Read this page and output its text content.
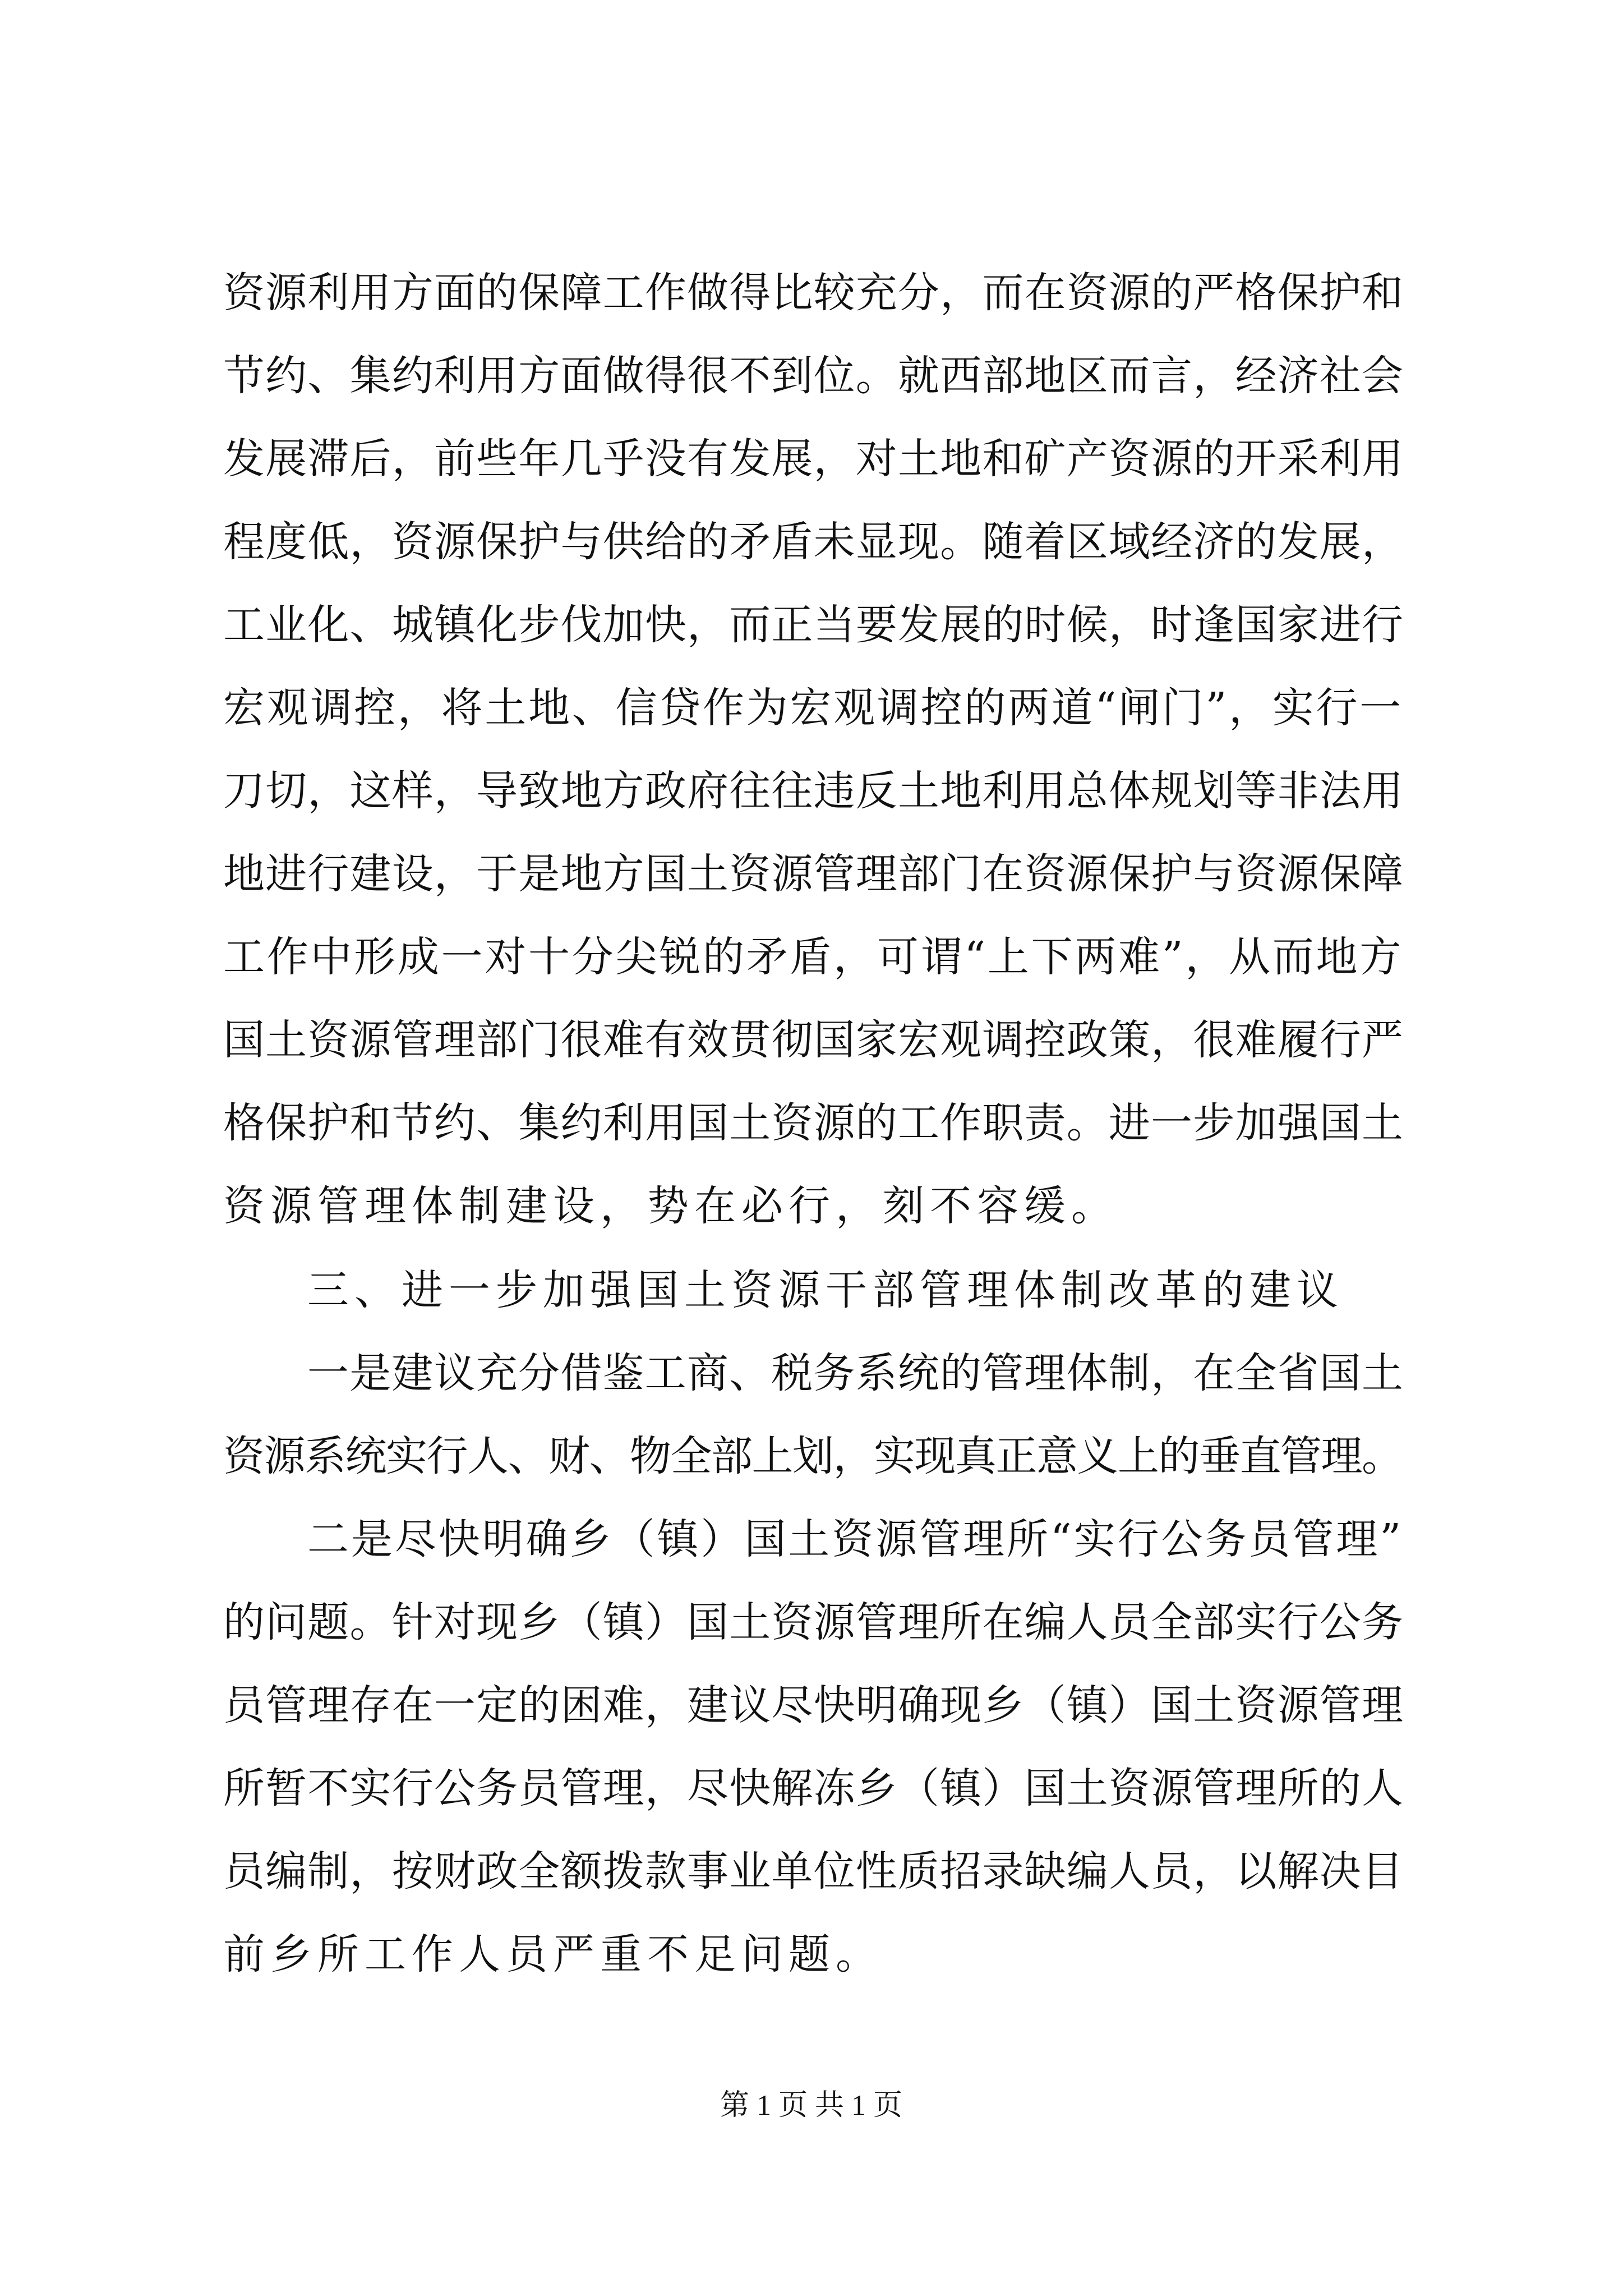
资源利用方面的保障工作做得比较充分，而在资源的严格保护和
节约、集约利用方面做得很不到位。就西部地区而言，经济社会
发展滞后，前些年几乎没有发展，对土地和矿产资源的开采利用
程度低，资源保护与供给的矛盾未显现。随着区域经济的发展，
工业化、城镇化步伐加快，而正当要发展的时候，时逢国家进行
宏观调控，将土地、信贷作为宏观调控的两道“闸门”，实行一
刀切，这样，导致地方政府往往违反土地利用总体规划等非法用
地进行建设，于是地方国土资源管理部门在资源保护与资源保障
工作中形成一对十分尖锐的矛盾，可谓“上下两难”，从而地方
国土资源管理部门很难有效贯彻国家宏观调控政策，很难履行严
格保护和节约、集约利用国土资源的工作职责。进一步加强国土
资源管理体制建设，势在必行，刻不容缓。
三、进一步加强国土资源干部管理体制改革的建议
一是建议充分借鉴工商、税务系统的管理体制，在全省国土
资源系统实行人、财、物全部上划，实现真正意义上的垂直管理。
二是尽快明确乡（镇）国土资源管理所“实行公务员管理”
的问题。针对现乡（镇）国土资源管理所在编人员全部实行公务
员管理存在一定的困难，建议尽快明确现乡（镇）国土资源管理
所暂不实行公务员管理，尽快解冻乡（镇）国土资源管理所的人
员编制，按财政全额拨款事业单位性质招录缺编人员，以解决目
前乡所工作人员严重不足问题。
第 1 页 共 1 页
